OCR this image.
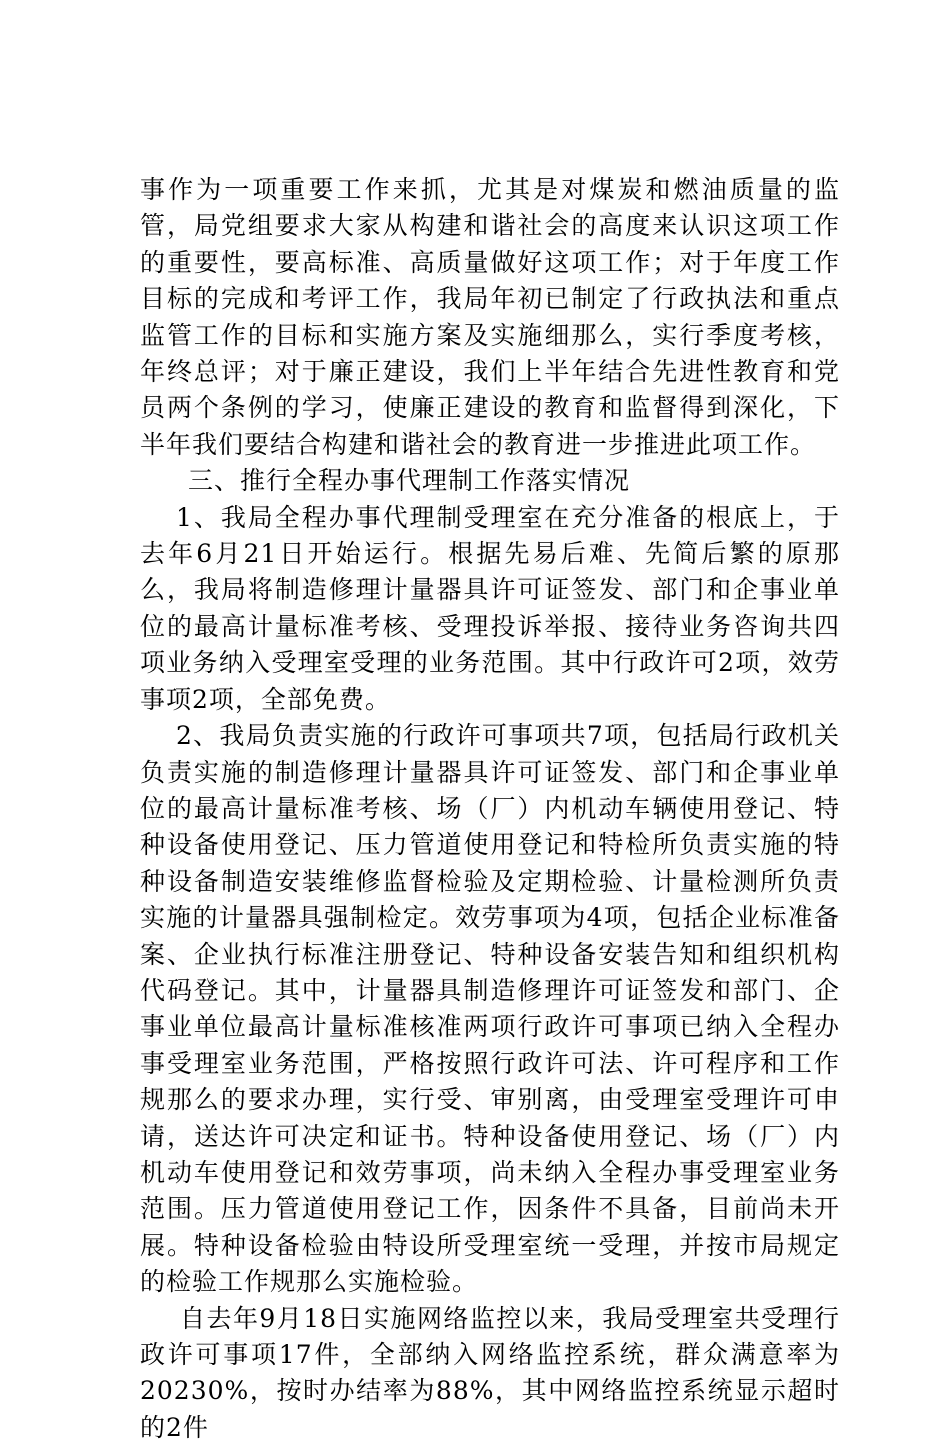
事作为一项重要工作来抓，尤其是对煤炭和燃油质量的监管，局党组要求大家从构建和谐社会的高度来认识这项工作的重要性，要高标准、高质量做好这项工作；对于年度工作目标的完成和考评工作，我局年初已制定了行政执法和重点监管工作的目标和实施方案及实施细那么，实行季度考核，年终总评；对于廉正建设，我们上半年结合先进性教育和党员两个条例的学习，使廉正建设的教育和监督得到深化，下半年我们要结合构建和谐社会的教育进一步推进此项工作。

三、推行全程办事代理制工作落实情况

1、我局全程办事代理制受理室在充分准备的根底上，于去年6月21日开始运行。根据先易后难、先简后繁的原那么，我局将制造修理计量器具许可证签发、部门和企事业单位的最高计量标准考核、受理投诉举报、接待业务咨询共四项业务纳入受理室受理的业务范围。其中行政许可2项，效劳事项2项，全部免费。

2、我局负责实施的行政许可事项共7项，包括局行政机关负责实施的制造修理计量器具许可证签发、部门和企事业单位的最高计量标准考核、场（厂）内机动车辆使用登记、特种设备使用登记、压力管道使用登记和特检所负责实施的特种设备制造安装维修监督检验及定期检验、计量检测所负责实施的计量器具强制检定。效劳事项为4项，包括企业标准备案、企业执行标准注册登记、特种设备安装告知和组织机构代码登记。其中，计量器具制造修理许可证签发和部门、企事业单位最高计量标准核准两项行政许可事项已纳入全程办事受理室业务范围，严格按照行政许可法、许可程序和工作规那么的要求办理，实行受、审别离，由受理室受理许可申请，送达许可决定和证书。特种设备使用登记、场（厂）内机动车使用登记和效劳事项，尚未纳入全程办事受理室业务范围。压力管道使用登记工作，因条件不具备，目前尚未开展。特种设备检验由特设所受理室统一受理，并按市局规定的检验工作规那么实施检验。

自去年9月18日实施网络监控以来，我局受理室共受理行政许可事项17件，全部纳入网络监控系统，群众满意率为20230%，按时办结率为88%，其中网络监控系统显示超时的2件
